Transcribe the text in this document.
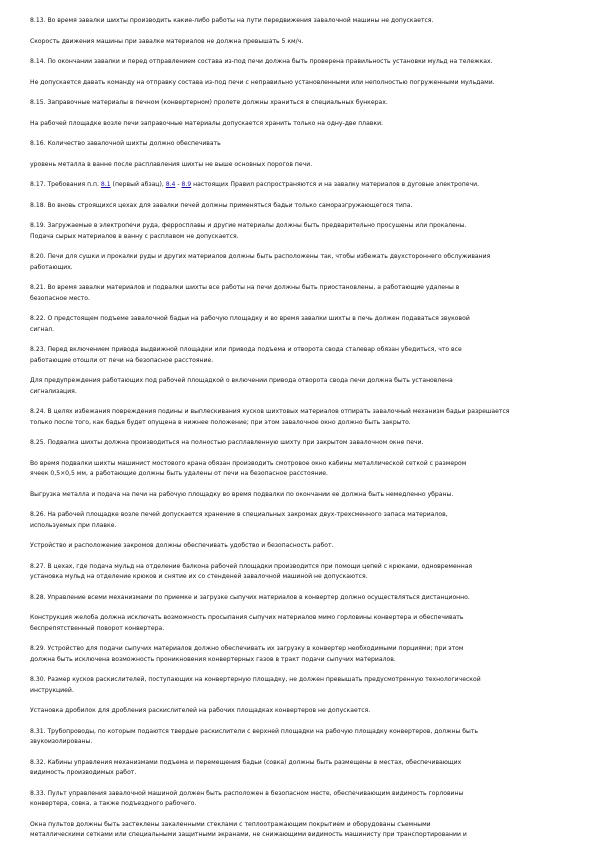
8.13. Во время завалки шихты производить какие-либо работы на пути передвижения завалочной машины не допускается.
Скорость движения машины при завалке материалов не должна превышать 5 км/ч.
8.14. По окончании завалки и перед отправлением состава из-под печи должна быть проверена правильность установки мульд на тележках.
Не допускается давать команду на отправку состава из-под печи с неправильно установленными или неполностью погруженными мульдами.
8.15. Заправочные материалы в печном (конвертерном) пролете должны храниться в специальных бункерах.
На рабочей площадке возле печи заправочные материалы допускается хранить только на одну-две плавки.
8.16. Количество завалочной шихты должно обеспечивать
уровень металла в ванне после расплавления шихты не выше основных порогов печи.
8.17. Требования п.п. 8.1 (первый абзац), 8.4 - 8.9 настоящих Правил распространяются и на завалку материалов в дуговые электропечи.
8.18. Во вновь строящихся цехах для завалки печей должны применяться бадьи только саморазгружающегося типа.
8.19. Загружаемые в электропечи руда, ферросплавы и другие материалы должны быть предварительно просушены или прокалены.
Подача сырых материалов в ванну с расплавом не допускается.
8.20. Печи для сушки и прокалки руды и других материалов должны быть расположены так, чтобы избежать двухстороннего обслуживания
работающих.
8.21. Во время завалки материалов и подвалки шихты все работы на печи должны быть приостановлены, а работающие удалены в
безопасное место.
8.22. О предстоящем подъеме завалочной бадьи на рабочую площадку и во время завалки шихты в печь должен подаваться звуковой
сигнал.
8.23. Перед включением привода выдвижной площадки или привода подъема и отворота свода сталевар обязан убедиться, что все
работающие отошли от печи на безопасное расстояние.
Для предупреждения работающих под рабочей площадкой о включении привода отворота свода печи должна быть установлена
сигнализация.
8.24. В целях избежания повреждения подины и выплескивания кусков шихтовых материалов отпирать завалочный механизм бадьи разрешается
только после того, как бадья будет опущена в нижнее положение; при этом завалочное окно должно быть закрыто.
8.25. Подвалка шихты должна производиться на полностью расплавленную шихту при закрытом завалочном окне печи.
Во время подвалки шихты машинист мостового крана обязан производить смотровое окно кабины металлической сеткой с размером
ячеек 0,5×0,5 мм, а работающие должны быть удалены от печи на безопасное расстояние.
Выгрузка металла и подача на печи на рабочую площадку во время подвалки по окончании ее должна быть немедленно убраны.
8.26. На рабочей площадке возле печей допускается хранение в специальных закромах двух-трехсменного запаса материалов,
используемых при плавке.
Устройство и расположение закромов должны обеспечивать удобство и безопасность работ.
8.27. В цехах, где подача мульд на отделение балкона рабочей площадки производится при помощи цепей с крюками, одновременная
установка мульд на отделение крюков и снятие их со стенденей завалочной машиной не допускаются.
8.28. Управление всеми механизмами по приемке и загрузке сыпучих материалов в конвертер должно осуществляться дистанционно.
Конструкция желоба должна исключать возможность просыпания сыпучих материалов мимо горловины конвертера и обеспечивать
беспрепятственный поворот конвертера.
8.29. Устройство для подачи сыпучих материалов должно обеспечивать их загрузку в конвертер необходимыми порциями; при этом
должна быть исключена возможность проникновения конвертерных газов в тракт подачи сыпучих материалов.
8.30. Размер кусков раскислителей, поступающих на конвертерную площадку, не должен превышать предусмотренную технологической
инструкцией.
Установка дробилок для дробления раскислителей на рабочих площадках конвертеров не допускается.
8.31. Трубопроводы, по которым подаются твердые раскислители с верхней площадки на рабочую площадку конвертеров, должны быть
звукоизолированы.
8.32. Кабины управления механизмами подъема и перемещения бадьи (совка) должны быть размещены в местах, обеспечивающих
видимость производимых работ.
8.33. Пульт управления завалочной машиной должен быть расположен в безопасном месте, обеспечивающим видимость горловины
конвертера, совка, а также подъездного рабочего.
Окна пультов должны быть застеклены закаленными стеклами с теплоотражающим покрытием и оборудованы съемными
металлическими сетками или специальными защитными экранами, не снижающими видимость машинисту при транспортировании и
